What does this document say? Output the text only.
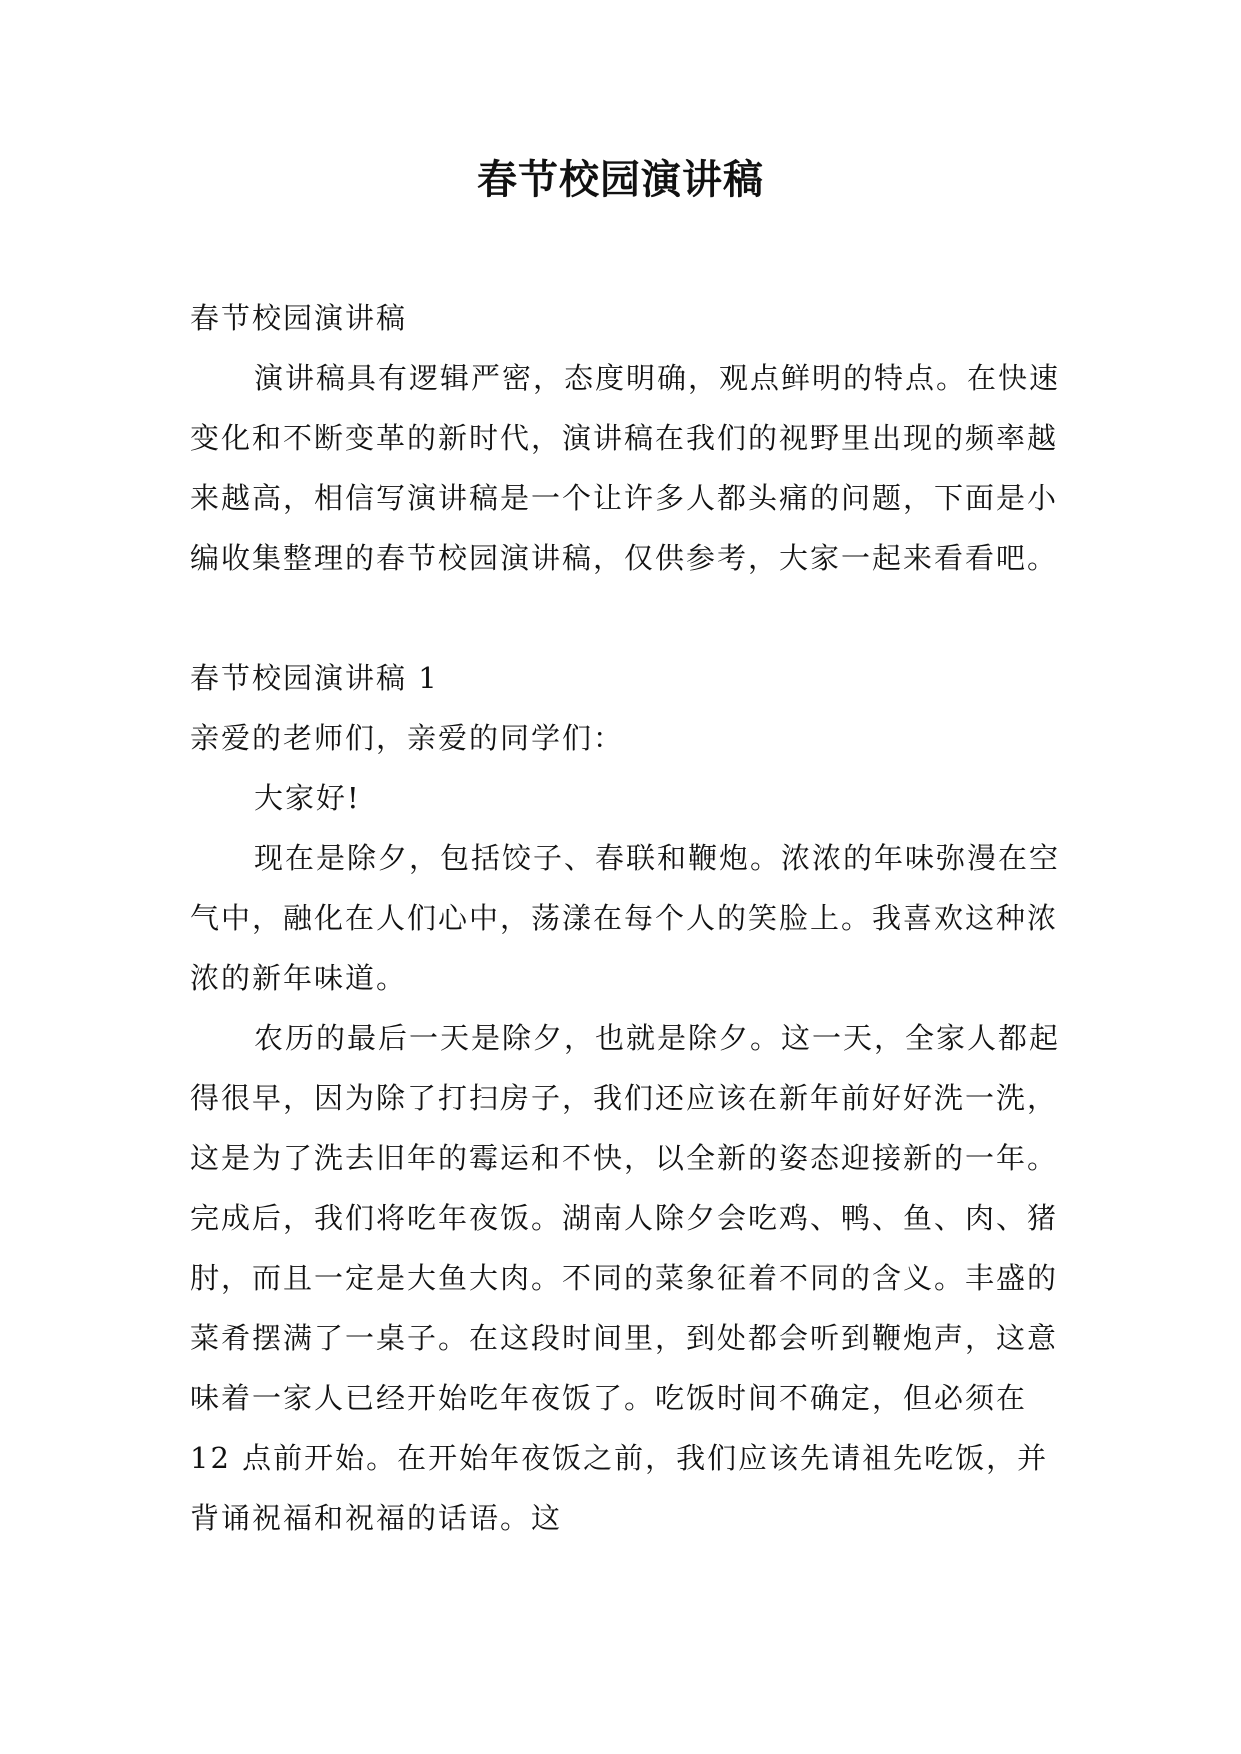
春节校园演讲稿

春节校园演讲稿

演讲稿具有逻辑严密，态度明确，观点鲜明的特点。在快速变化和不断变革的新时代，演讲稿在我们的视野里出现的频率越来越高，相信写演讲稿是一个让许多人都头痛的问题，下面是小编收集整理的春节校园演讲稿，仅供参考，大家一起来看看吧。

春节校园演讲稿 1

亲爱的老师们，亲爱的同学们：

大家好!

现在是除夕，包括饺子、春联和鞭炮。浓浓的年味弥漫在空气中，融化在人们心中，荡漾在每个人的笑脸上。我喜欢这种浓浓的新年味道。

农历的最后一天是除夕，也就是除夕。这一天，全家人都起得很早，因为除了打扫房子，我们还应该在新年前好好洗一洗，这是为了洗去旧年的霉运和不快，以全新的姿态迎接新的一年。完成后，我们将吃年夜饭。湖南人除夕会吃鸡、鸭、鱼、肉、猪肘，而且一定是大鱼大肉。不同的菜象征着不同的含义。丰盛的菜肴摆满了一桌子。在这段时间里，到处都会听到鞭炮声，这意味着一家人已经开始吃年夜饭了。吃饭时间不确定，但必须在 12 点前开始。在开始年夜饭之前，我们应该先请祖先吃饭，并背诵祝福和祝福的话语。这
